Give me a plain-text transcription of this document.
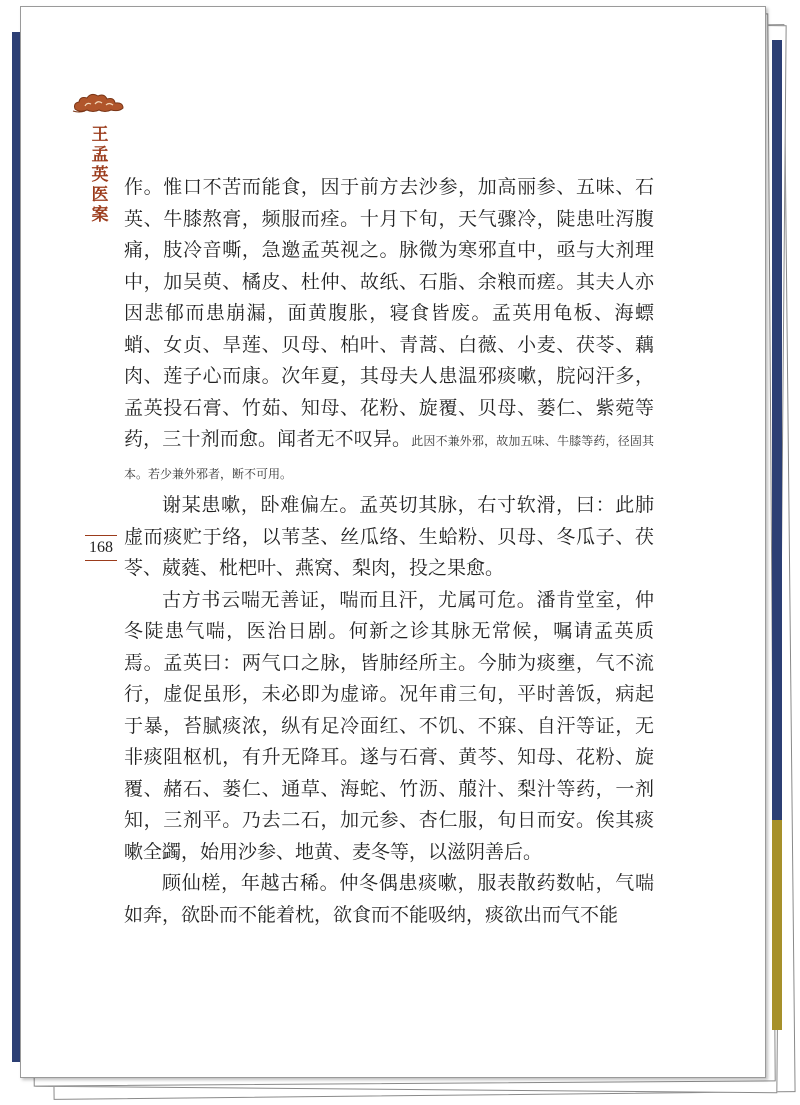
王孟英医案
168

作。惟口不苦而能食，因于前方去沙参，加高丽参、五味、石英、牛膝熬膏，频服而痊。十月下旬，天气骤冷，陡患吐泻腹痛，肢冷音嘶，急邀孟英视之。脉微为寒邪直中，亟与大剂理中，加吴萸、橘皮、杜仲、故纸、石脂、余粮而瘥。其夫人亦因悲郁而患崩漏，面黄腹胀，寝食皆废。孟英用龟板、海螵蛸、女贞、旱莲、贝母、柏叶、青蒿、白薇、小麦、茯苓、藕肉、莲子心而康。次年夏，其母夫人患温邪痰嗽，脘闷汗多，孟英投石膏、竹茹、知母、花粉、旋覆、贝母、蒌仁、紫菀等药，三十剂而愈。闻者无不叹异。此因不兼外邪，故加五味、牛膝等药，径固其本。若少兼外邪者，断不可用。

谢某患嗽，卧难偏左。孟英切其脉，右寸软滑，曰：此肺虚而痰贮于络，以苇茎、丝瓜络、生蛤粉、贝母、冬瓜子、茯苓、葳蕤、枇杷叶、燕窝、梨肉，投之果愈。

古方书云喘无善证，喘而且汗，尤属可危。潘肯堂室，仲冬陡患气喘，医治日剧。何新之诊其脉无常候，嘱请孟英质焉。孟英曰：两气口之脉，皆肺经所主。今肺为痰壅，气不流行，虚促虽形，未必即为虚谛。况年甫三旬，平时善饭，病起于暴，苔腻痰浓，纵有足冷面红、不饥、不寐、自汗等证，无非痰阻枢机，有升无降耳。遂与石膏、黄芩、知母、花粉、旋覆、赭石、蒌仁、通草、海蛇、竹沥、菔汁、梨汁等药，一剂知，三剂平。乃去二石，加元参、杏仁服，旬日而安。俟其痰嗽全蠲，始用沙参、地黄、麦冬等，以滋阴善后。

顾仙槎，年越古稀。仲冬偶患痰嗽，服表散药数帖，气喘如奔，欲卧而不能着枕，欲食而不能吸纳，痰欲出而气不能
